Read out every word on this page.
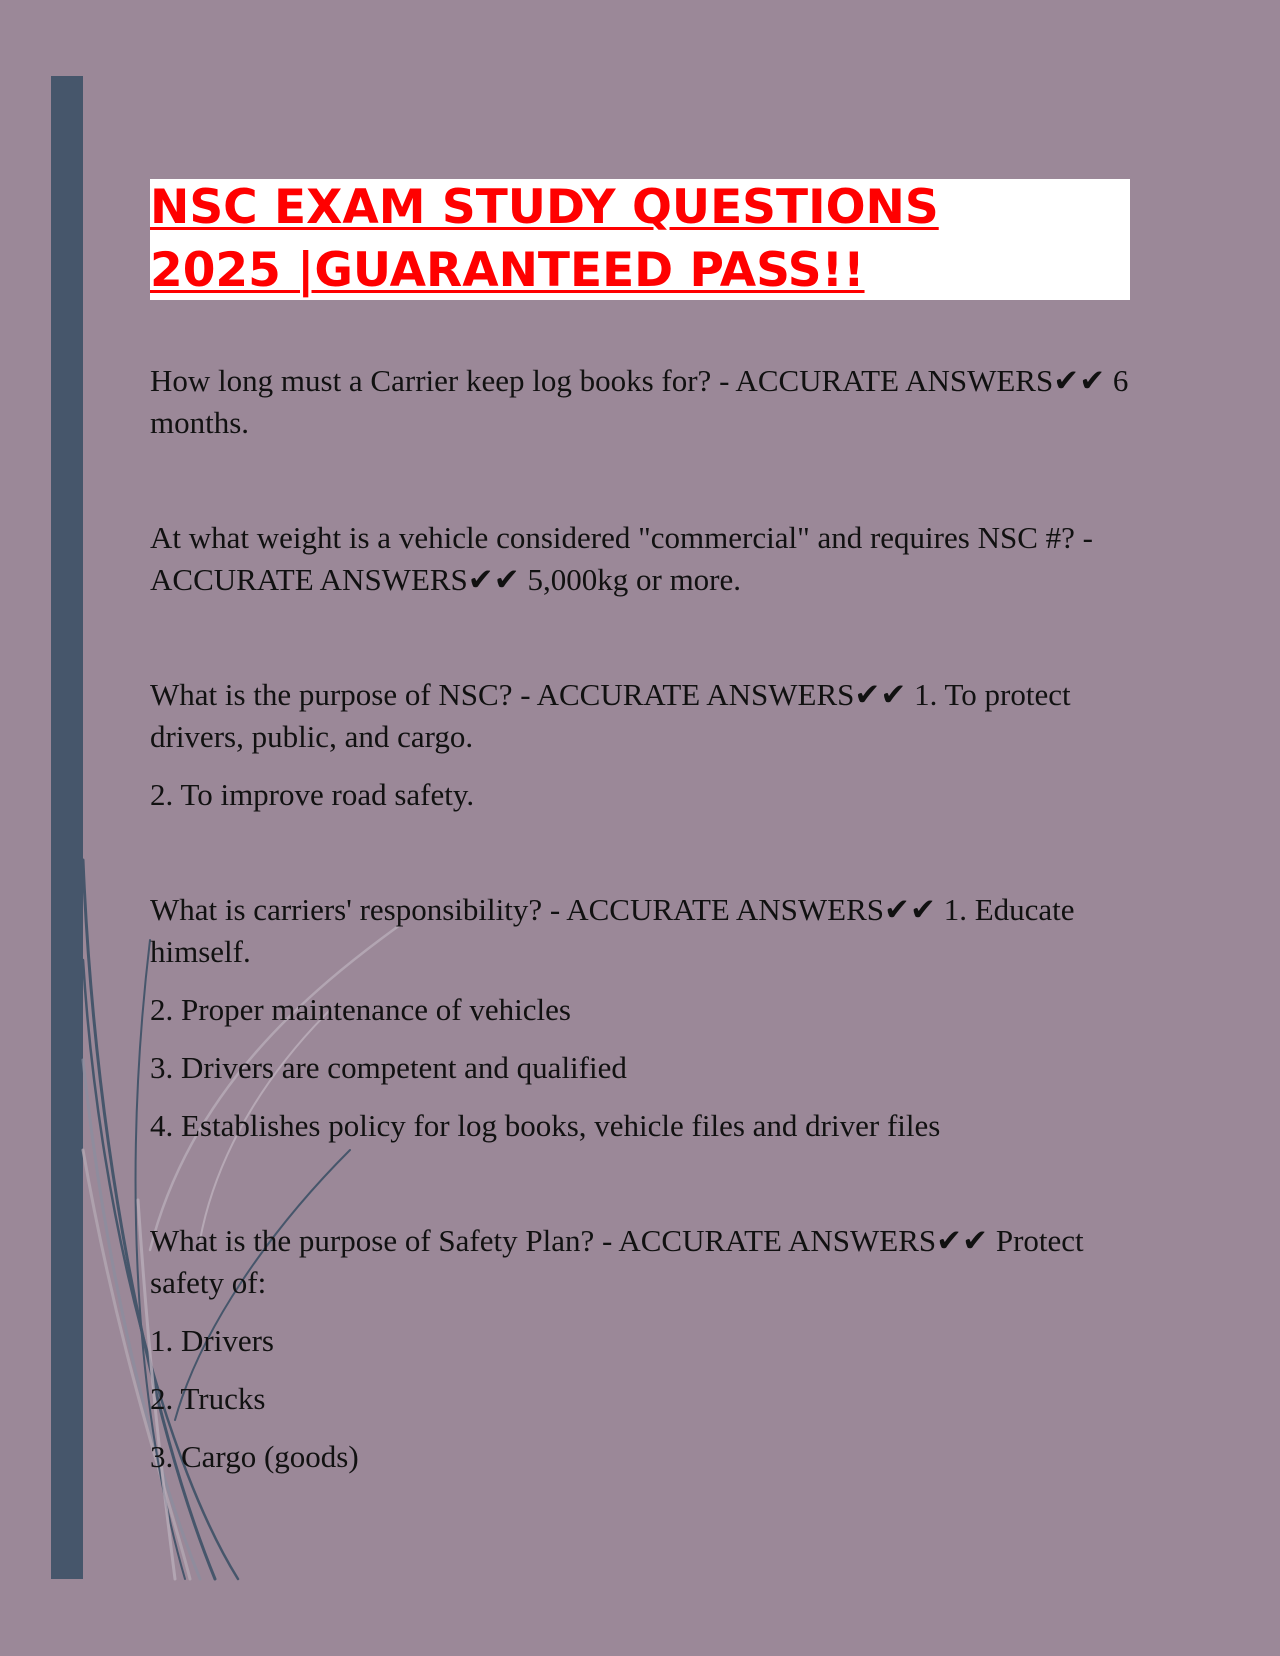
NSC EXAM STUDY QUESTIONS
2025 |GUARANTEED PASS!!

How long must a Carrier keep log books for? - ACCURATE ANSWERS✔✔ 6 months.

At what weight is a vehicle considered "commercial" and requires NSC #? - ACCURATE ANSWERS✔✔ 5,000kg or more.

What is the purpose of NSC? - ACCURATE ANSWERS✔✔ 1. To protect drivers, public, and cargo.

2. To improve road safety.

What is carriers' responsibility? - ACCURATE ANSWERS✔✔ 1. Educate himself.

2. Proper maintenance of vehicles

3. Drivers are competent and qualified

4. Establishes policy for log books, vehicle files and driver files

What is the purpose of Safety Plan? - ACCURATE ANSWERS✔✔ Protect safety of:

1. Drivers

2. Trucks

3. Cargo (goods)
